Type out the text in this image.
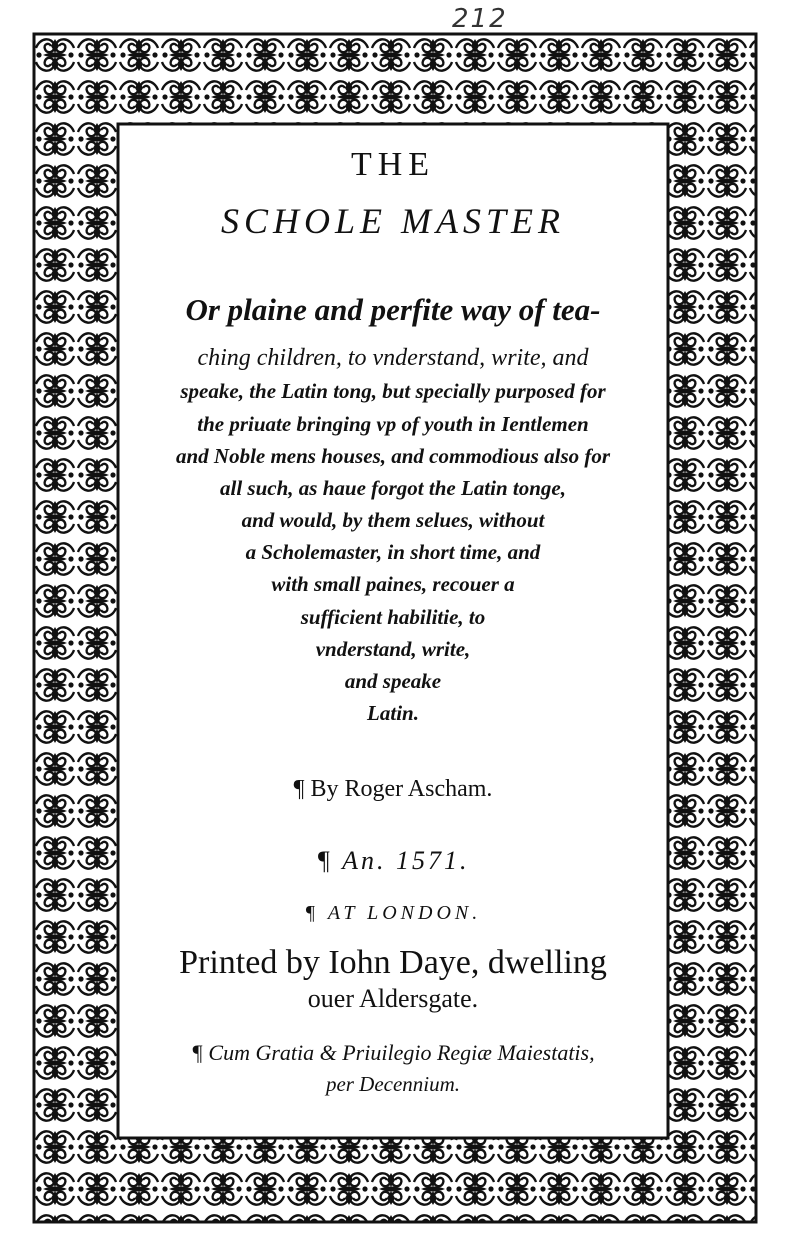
212
THE
SCHOLE MASTER
Or plaine and perfite way of tea-
ching children, to vnderstand, write, and
speake, the Latin tong, but specially purposed for
the priuate bringing vp of youth in Ientlemen
and Noble mens houses, and commodious also for
all such, as haue forgot the Latin tonge,
and would, by them selues, without
a Scholemaster, in short time, and
with small paines, recouer a
sufficient habilitie, to
vnderstand, write,
and speake
Latin.
¶ By Roger Ascham.
¶ An. 1571.
¶ AT LONDON.
Printed by Iohn Daye, dwelling
ouer Aldersgate.
¶ Cum Gratia & Priuilegio Regiæ Maiestatis,
per Decennium.
